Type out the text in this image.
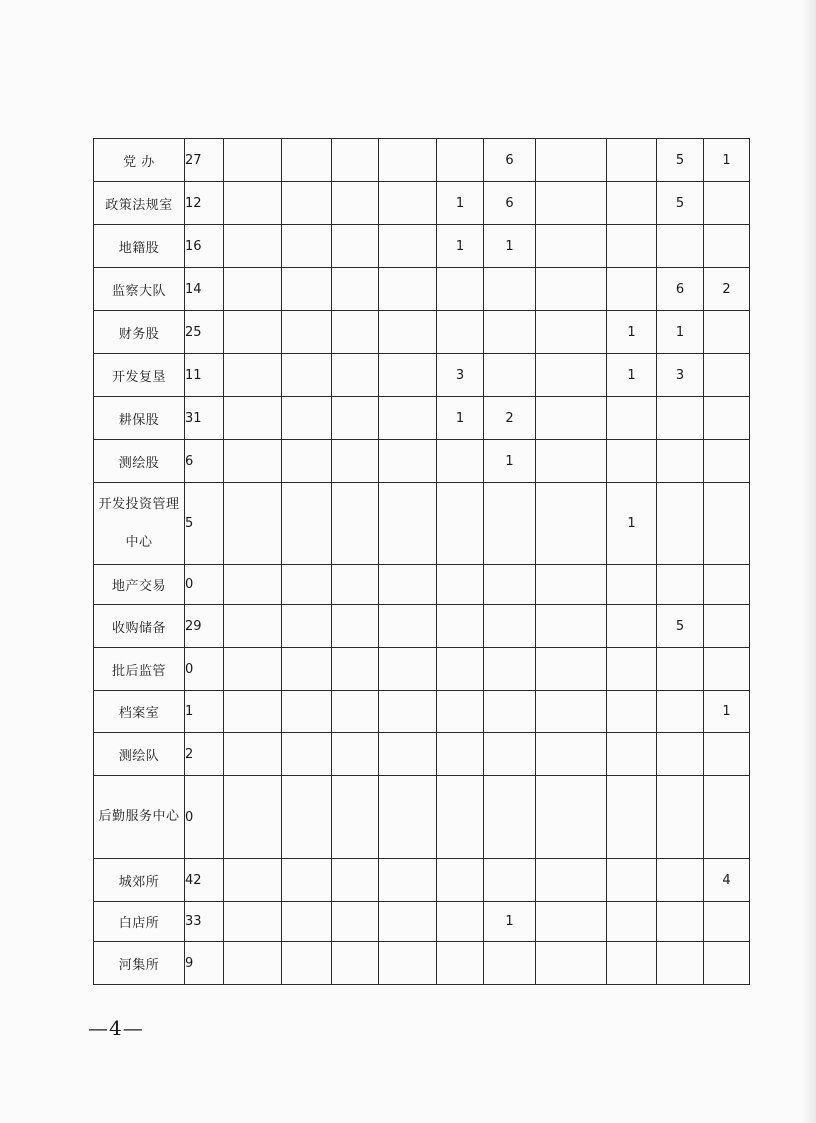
党 办	27						6			5	1
政策法规室	12					1	6			5	
地籍股	16					1	1				
监察大队	14									6	2
财务股	25								1	1	
开发复垦	11					3			1	3	
耕保股	31					1	2				
测绘股	6						1				
开发投资管理中心	5								1		
地产交易	0										
收购储备	29									5	
批后监管	0										
档案室	1										1
测绘队	2										
后勤服务中心	0										
城郊所	42										4
白店所	33						1				
河集所	9										
—4—
